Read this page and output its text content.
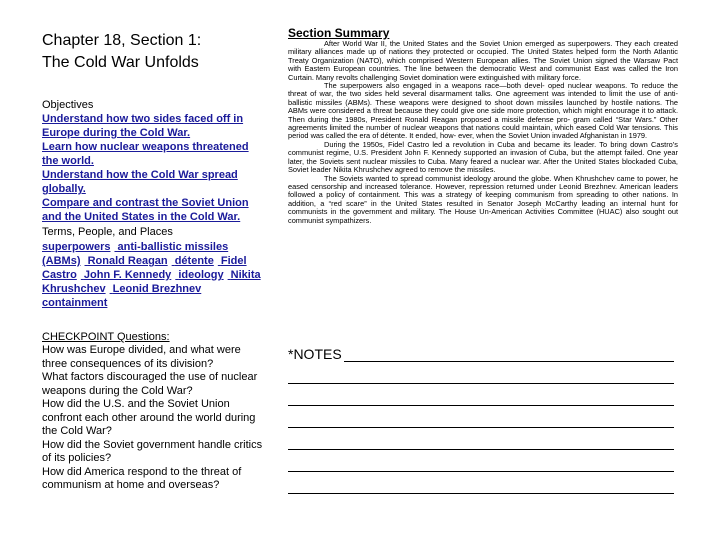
Chapter 18, Section 1:
The Cold War Unfolds
Objectives
Understand how two sides faced off in Europe during the Cold War.
Learn how nuclear weapons threatened the world.
Understand how the Cold War spread globally.
Compare and contrast the Soviet Union and the United States in the Cold War.
Terms, People, and Places

superpowers anti-ballistic missiles (ABMs) Ronald Reagan détente Fidel Castro John F. Kennedy ideology Nikita Khrushchev Leonid Brezhnev containment

CHECKPOINT Questions:

How was Europe divided, and what were three consequences of its division?

What factors discouraged the use of nuclear weapons during the Cold War?

How did the U.S. and the Soviet Union confront each other around the world during the Cold War?

How did the Soviet government handle critics of its policies?

How did America respond to the threat of communism at home and overseas?

Section Summary

After World War II, the United States and the Soviet Union emerged as superpowers. They each created military alliances made up of nations they protected or occupied. The United States helped form the North Atlantic Treaty Organization (NATO), which comprised Western European allies. The Soviet Union signed the Warsaw Pact with Eastern European countries. The line between the democratic West and communist East was called the Iron Curtain. Many revolts challenging Soviet domination were extinguished with military force.

The superpowers also engaged in a weapons race—both devel- oped nuclear weapons. To reduce the threat of war, the two sides held several disarmament talks. One agreement was intended to limit the use of anti-ballistic missiles (ABMs). These weapons were designed to shoot down missiles launched by hostile nations. The ABMs were considered a threat because they could give one side more protection, which might encourage it to attack. Then during the 1980s, President Ronald Reagan proposed a missile defense pro- gram called “Star Wars.” Other agreements limited the number of nuclear weapons that nations could maintain, which eased Cold War tensions. This period was called the era of détente. It ended, how- ever, when the Soviet Union invaded Afghanistan in 1979.

During the 1950s, Fidel Castro led a revolution in Cuba and became its leader. To bring down Castro’s communist regime, U.S. President John F. Kennedy supported an invasion of Cuba, but the attempt failed. One year later, the Soviets sent nuclear missiles to Cuba. Many feared a nuclear war. After the United States blockaded Cuba, Soviet leader Nikita Khrushchev agreed to remove the missiles.

The Soviets wanted to spread communist ideology around the globe. When Khrushchev came to power, he eased censorship and increased tolerance. However, repression returned under Leonid Brezhnev. American leaders followed a policy of containment. This was a strategy of keeping communism from spreading to other nations. In addition, a “red scare” in the United States resulted in Senator Joseph McCarthy leading an internal hunt for communists in the government and military. The House Un-American Activities Committee (HUAC) also sought out communist sympathizers.

*NOTES
